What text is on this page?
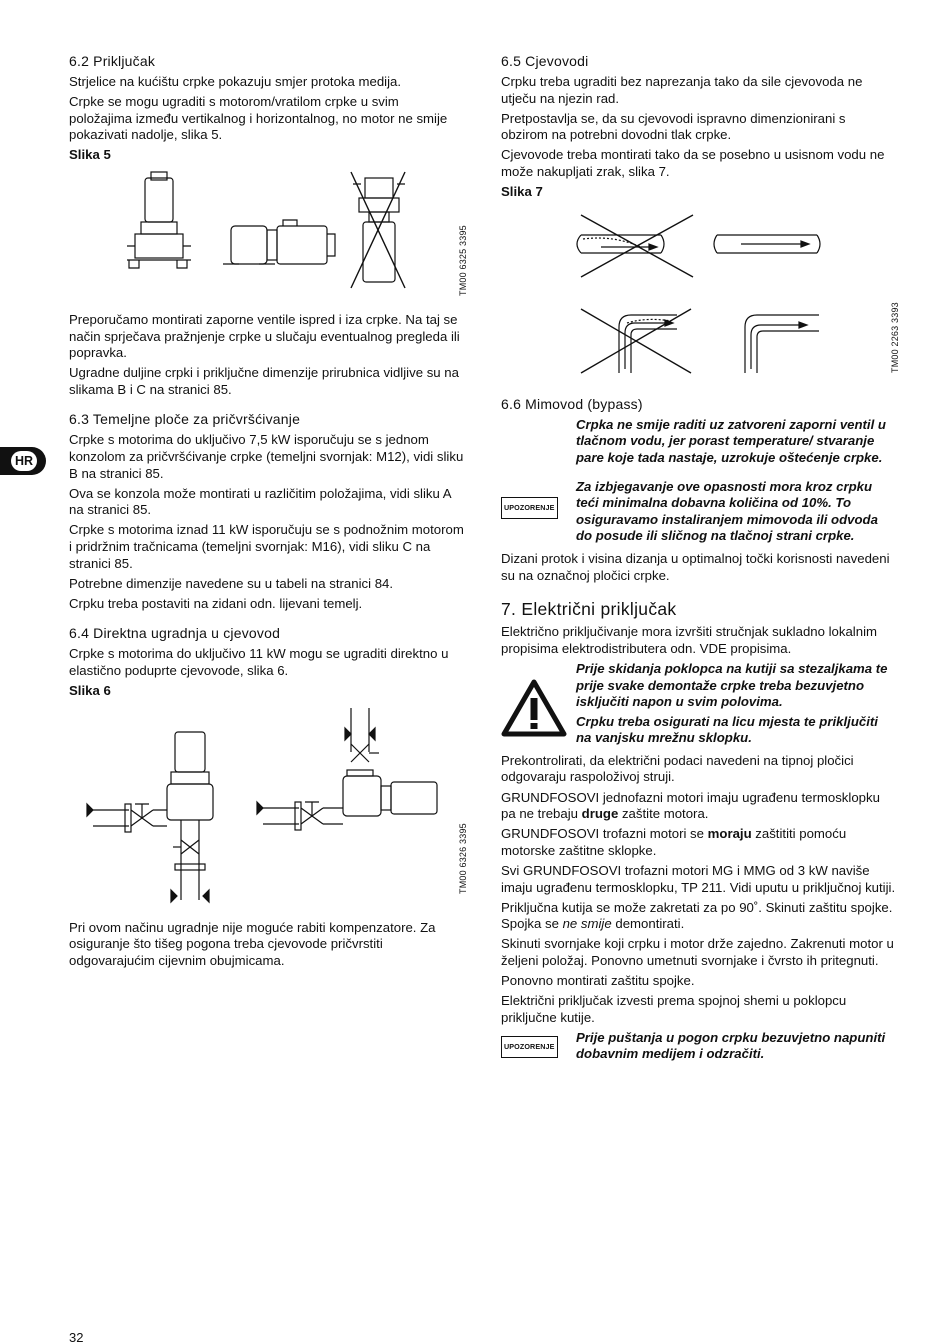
HR
6.2 Priključak

Strjelice na kućištu crpke pokazuju smjer protoka medija.

Crpke se mogu ugraditi s motorom/vratilom crpke u svim položajima između vertikalnog i horizontalnog, no motor ne smije pokazivati nadolje, slika 5.

Slika 5

TM00 6325 3395

Preporučamo montirati zaporne ventile ispred i iza crpke. Na taj se način sprječava pražnjenje crpke u slučaju eventualnog pregleda ili popravka.

Ugradne duljine crpki i priključne dimenzije prirubnica vidljive su na slikama B i C na stranici 85.

6.3 Temeljne ploče za pričvršćivanje

Crpke s motorima do uključivo 7,5 kW isporučuju se s jednom konzolom za pričvršćivanje crpke (temeljni svornjak: M12), vidi sliku B na stranici 85.

Ova se konzola može montirati u različitim položajima, vidi sliku A na stranici 85.

Crpke s motorima iznad 11 kW isporučuju se s podnožnim motorom i pridržnim tračnicama (temeljni svornjak: M16), vidi sliku C na stranici 85.

Potrebne dimenzije navedene su u tabeli na stranici 84.

Crpku treba postaviti na zidani odn. lijevani temelj.

6.4 Direktna ugradnja u cjevovod

Crpke s motorima do uključivo 11 kW mogu se ugraditi direktno u elastično poduprte cjevovode, slika 6.

Slika 6

TM00 6326 3395

Pri ovom načinu ugradnje nije moguće rabiti kompenzatore. Za osiguranje što tišeg pogona treba cjevovode pričvrstiti odgovarajućim cijevnim obujmicama.

6.5 Cjevovodi

Crpku treba ugraditi bez naprezanja tako da sile cjevovoda ne utječu na njezin rad.

Pretpostavlja se, da su cjevovodi ispravno dimenzionirani s obzirom na potrebni dovodni tlak crpke.

Cjevovode treba montirati tako da se posebno u usisnom vodu ne može nakupljati zrak, slika 7.

Slika 7

TM00 2263 3393
6.6 Mimovod (bypass)
Crpka ne smije raditi uz zatvoreni zaporni ventil u tlačnom vodu, jer porast temperature/ stvaranje pare koje tada nastaje, uzrokuje oštećenje crpke.
UPOZORENJE
Za izbjegavanje ove opasnosti mora kroz crpku teći minimalna dobavna količina od 10%. To osiguravamo instaliranjem mimovoda ili odvoda do posude ili sličnog na tlačnoj strani crpke.

Dizani protok i visina dizanja u optimalnoj točki korisnosti navedeni su na označnoj pločici crpke.

7. Električni priključak

Električno priključivanje mora izvršiti stručnjak sukladno lokalnim propisima elektrodistributera odn. VDE propisima.

Prije skidanja poklopca na kutiji sa stezaljkama te prije svake demontaže crpke treba bezuvjetno isključiti napon u svim polovima.
Crpku treba osigurati na licu mjesta te priključiti na vanjsku mrežnu sklopku.

Prekontrolirati, da električni podaci navedeni na tipnoj pločici odgovaraju raspoloživoj struji.

GRUNDFOSOVI jednofazni motori imaju ugrađenu termosklopku pa ne trebaju druge zaštite motora.

GRUNDFOSOVI trofazni motori se moraju zaštititi pomoću motorske zaštitne sklopke.

Svi GRUNDFOSOVI trofazni motori MG i MMG od 3 kW naviše imaju ugrađenu termosklopku, TP 211. Vidi uputu u priključnoj kutiji.

Priključna kutija se može zakretati za po 90˚. Skinuti zaštitu spojke. Spojka se ne smije demontirati.

Skinuti svornjake koji crpku i motor drže zajedno. Zakrenuti motor u željeni položaj. Ponovno umetnuti svornjake i čvrsto ih pritegnuti.

Ponovno montirati zaštitu spojke.

Električni priključak izvesti prema spojnoj shemi u poklopcu priključne kutije.

UPOZORENJE
Prije puštanja u pogon crpku bezuvjetno napuniti dobavnim medijem i odzračiti.
32
